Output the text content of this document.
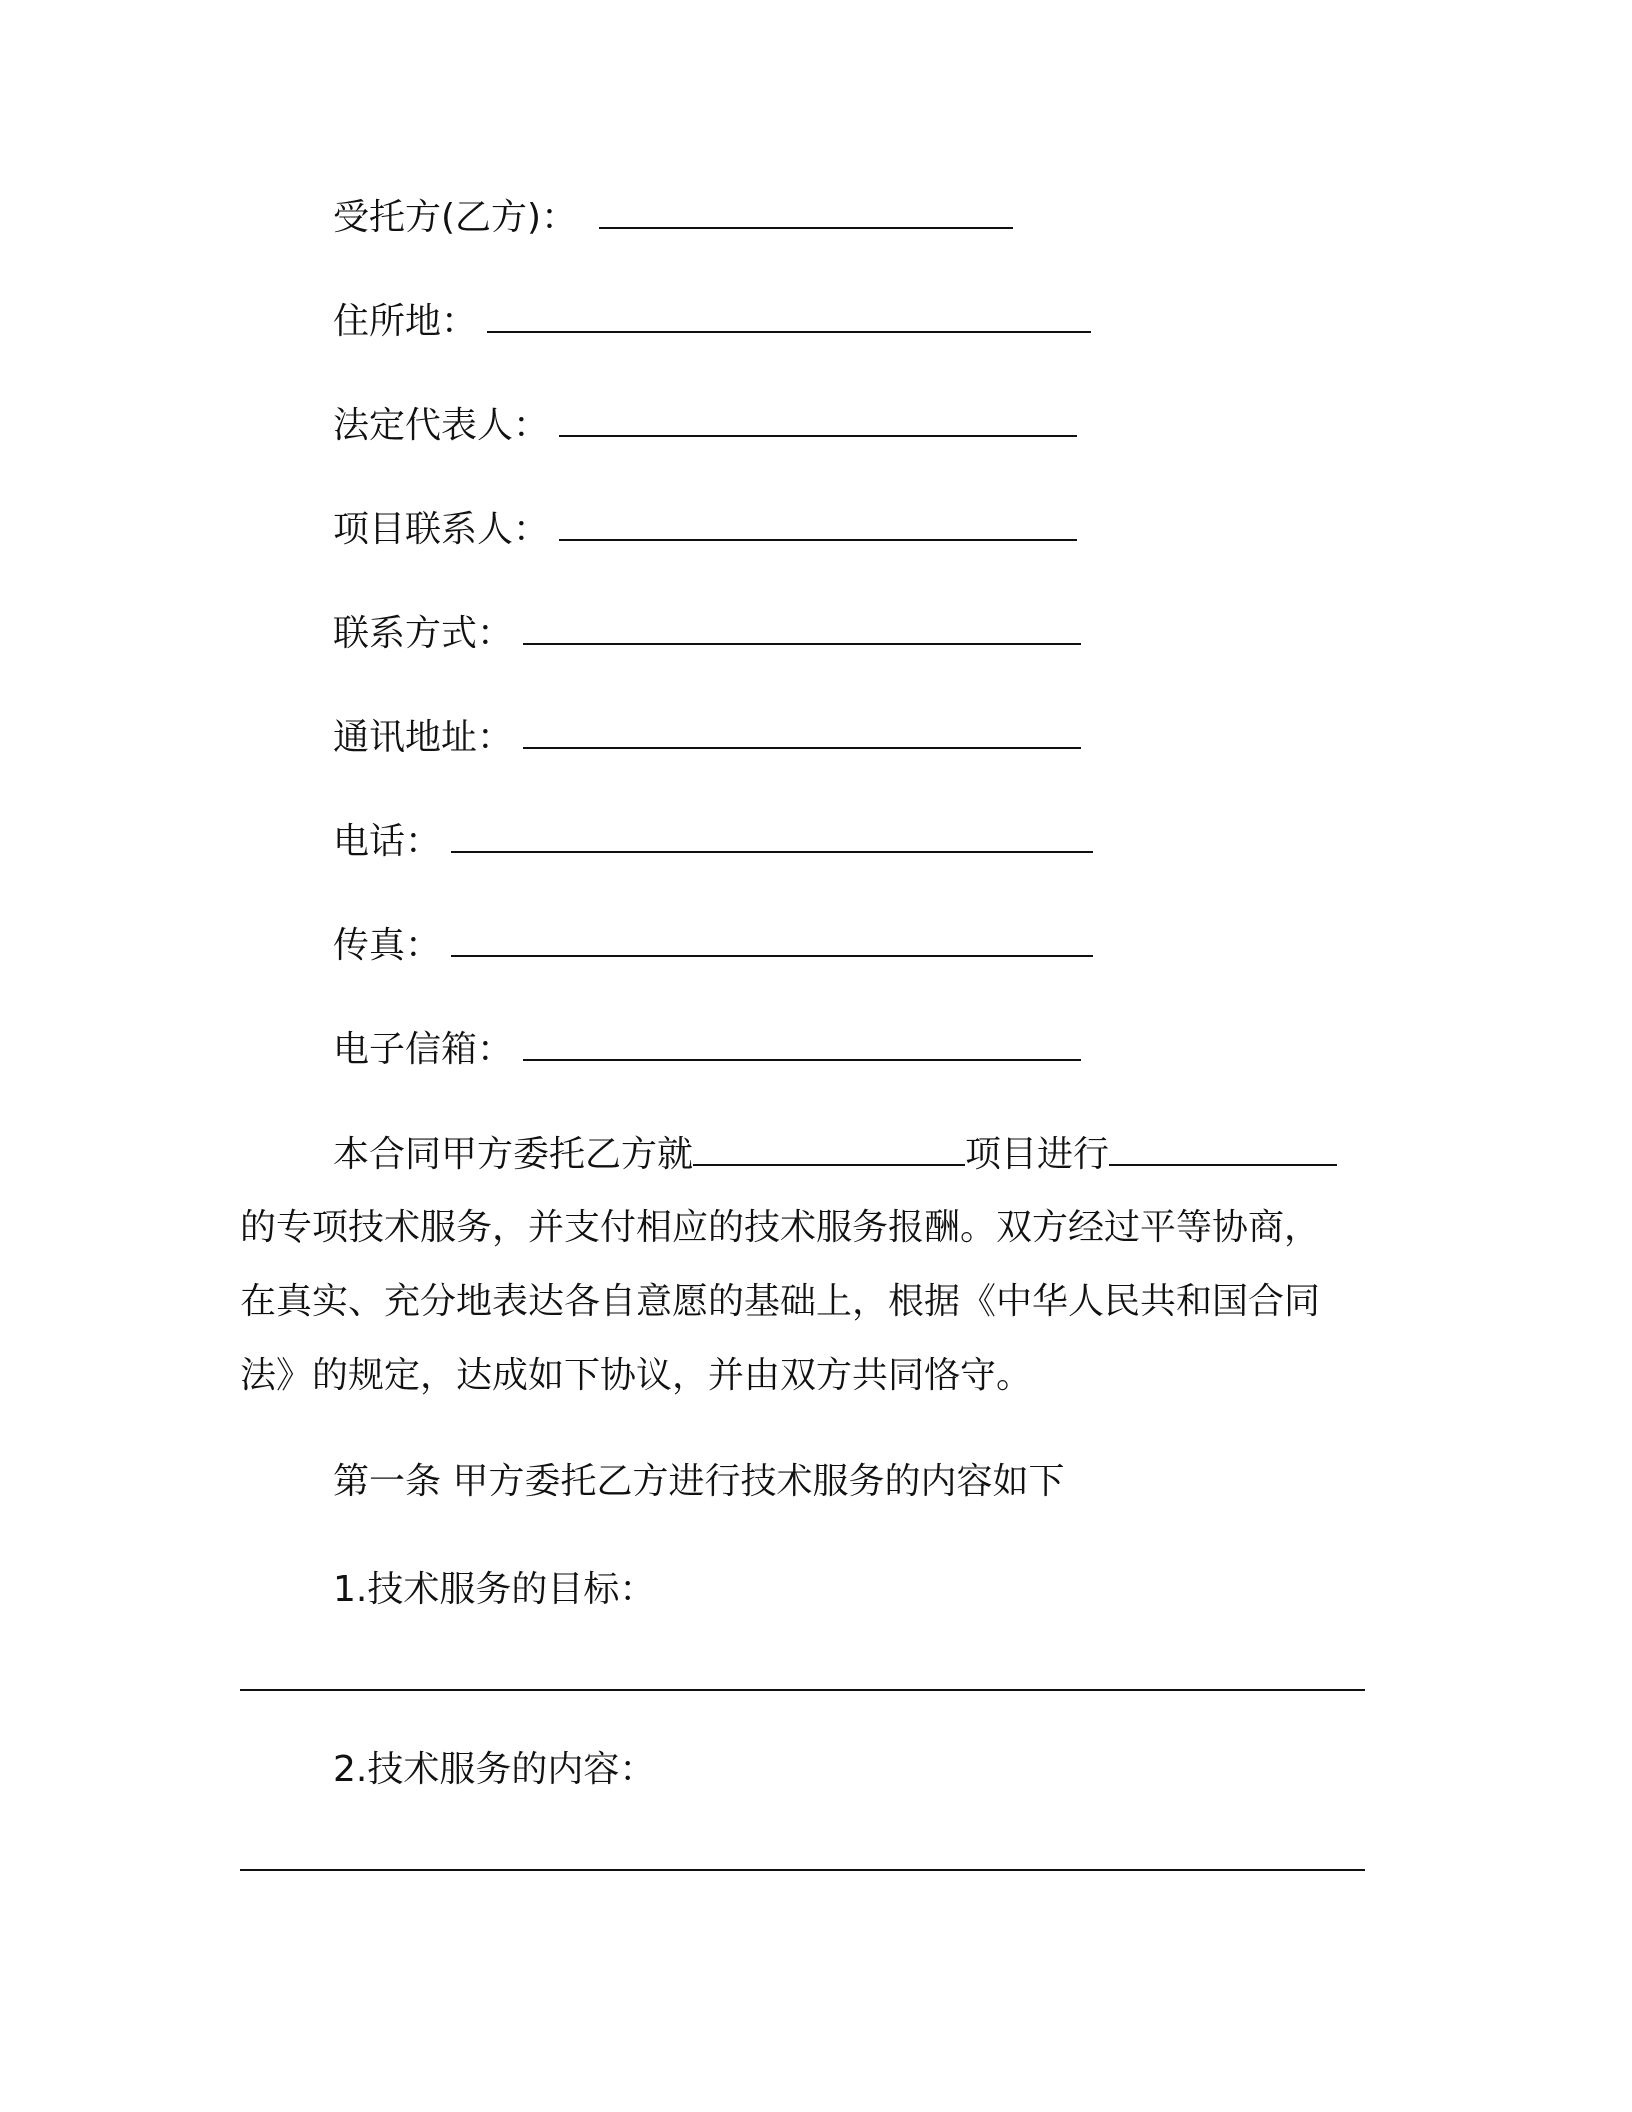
受托方(乙方)：
住所地：
法定代表人：
项目联系人：
联系方式：
通讯地址：
电话：
传真：
电子信箱：
本合同甲方委托乙方就	项目进行
的专项技术服务，并支付相应的技术服务报酬。双方经过平等协商，
在真实、充分地表达各自意愿的基础上，根据《中华人民共和国合同
法》的规定，达成如下协议，并由双方共同恪守。
第一条 甲方委托乙方进行技术服务的内容如下
1.技术服务的目标：
2.技术服务的内容：
